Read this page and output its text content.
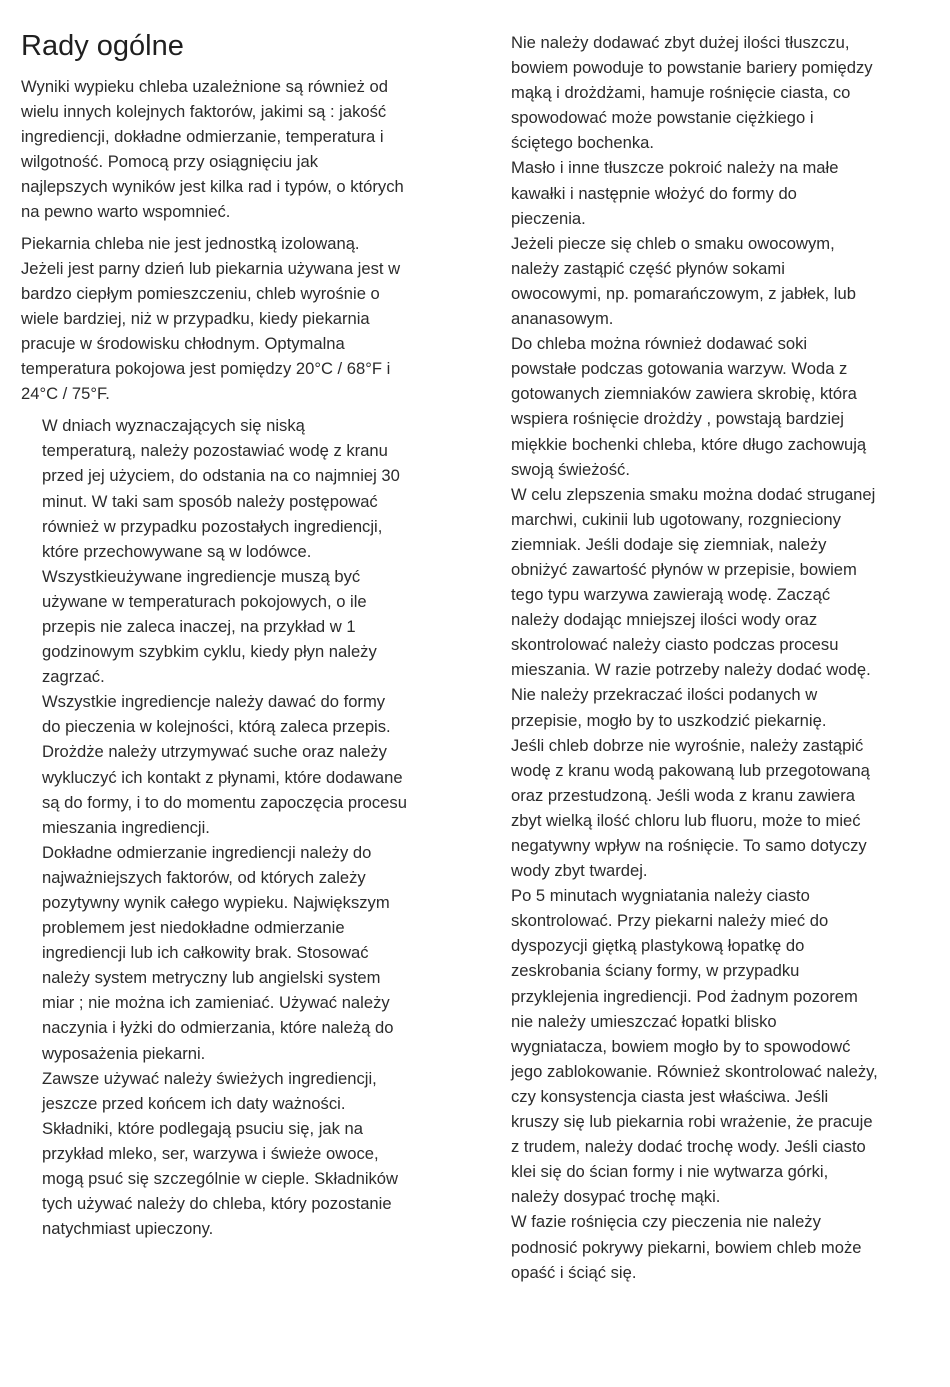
Rady ogólne

Wyniki wypieku chleba uzależnione są również od
wielu innych kolejnych faktorów, jakimi są : jakość
ingrediencji, dokładne odmierzanie, temperatura i
wilgotność. Pomocą przy osiągnięciu jak
najlepszych wyników jest kilka rad i typów, o których
na pewno warto wspomnieć.

Piekarnia chleba nie jest jednostką izolowaną.
Jeżeli jest parny dzień lub piekarnia używana jest w
bardzo ciepłym pomieszczeniu, chleb wyrośnie o
wiele bardziej, niż w przypadku, kiedy piekarnia
pracuje w środowisku chłodnym. Optymalna
temperatura pokojowa jest pomiędzy 20°C / 68°F i
24°C / 75°F.

W dniach wyznaczających się niską
temperaturą, należy pozostawiać wodę z kranu
przed jej użyciem, do odstania na co najmniej 30
minut. W taki sam sposób należy postępować
również w przypadku pozostałych ingrediencji,
które przechowywane są w lodówce.

Wszystkieużywane ingrediencje muszą być
używane w temperaturach pokojowych, o ile
przepis nie zaleca inaczej, na przykład w 1
godzinowym szybkim cyklu, kiedy płyn należy
zagrzać.

Wszystkie ingrediencje należy dawać do formy
do pieczenia w kolejności, którą zaleca przepis.
Drożdże należy utrzymywać suche oraz należy
wykluczyć ich kontakt z płynami, które dodawane
są do formy, i to do momentu zapoczęcia procesu
mieszania ingrediencji.

Dokładne odmierzanie ingrediencji należy do
najważniejszych faktorów, od których zależy
pozytywny wynik całego wypieku. Największym
problemem jest niedokładne odmierzanie
ingrediencji lub ich całkowity brak. Stosować
należy system metryczny lub angielski system
miar ; nie można ich zamieniać. Używać należy
naczynia i łyżki do odmierzania, które należą do
wyposażenia piekarni.

Zawsze używać należy świeżych ingrediencji,
jeszcze przed końcem ich daty ważności.
Składniki, które podlegają psuciu się, jak na
przykład mleko, ser, warzywa i świeże owoce,
mogą psuć się szczególnie w cieple. Składników
tych używać należy do chleba, który pozostanie
natychmiast upieczony.

Nie należy dodawać zbyt dużej ilości tłuszczu,
bowiem powoduje to powstanie bariery pomiędzy
mąką i drożdżami, hamuje rośnięcie ciasta, co
spowodować może powstanie ciężkiego i
ściętego bochenka.

Masło i inne tłuszcze pokroić należy na małe
kawałki i następnie włożyć do formy do
pieczenia.

Jeżeli piecze się chleb o smaku owocowym,
należy zastąpić część płynów sokami
owocowymi, np. pomarańczowym, z jabłek, lub
ananasowym.

Do chleba można również dodawać soki
powstałe podczas gotowania warzyw. Woda z
gotowanych ziemniaków zawiera skrobię, która
wspiera rośnięcie drożdży , powstają bardziej
miękkie bochenki chleba, które długo zachowują
swoją świeżość.

W celu zlepszenia smaku można dodać struganej
marchwi, cukinii lub ugotowany, rozgnieciony
ziemniak. Jeśli dodaje się ziemniak, należy
obniżyć zawartość płynów w przepisie, bowiem
tego typu warzywa zawierają wodę. Zacząć
należy dodając mniejszej ilości wody oraz
skontrolować należy ciasto podczas procesu
mieszania. W razie potrzeby należy dodać wodę.
Nie należy przekraczać ilości podanych w
przepisie, mogło by to uszkodzić piekarnię.

Jeśli chleb dobrze nie wyrośnie, należy zastąpić
wodę z kranu wodą pakowaną lub przegotowaną
oraz przestudzoną. Jeśli woda z kranu zawiera
zbyt wielką ilość chloru lub fluoru, może to mieć
negatywny wpływ na rośnięcie. To samo dotyczy
wody zbyt twardej.

Po 5 minutach wygniatania należy ciasto
skontrolować. Przy piekarni należy mieć do
dyspozycji giętką plastykową łopatkę do
zeskrobania ściany formy, w przypadku
przyklejenia ingrediencji. Pod żadnym pozorem
nie należy umieszczać łopatki blisko
wygniatacza, bowiem mogło by to spowodowć
jego zablokowanie. Również skontrolować należy,
czy konsystencja ciasta jest właściwa. Jeśli
kruszy się lub piekarnia robi wrażenie, że pracuje
z trudem, należy dodać trochę wody. Jeśli ciasto
klei się do ścian formy i nie wytwarza górki,
należy dosypać trochę mąki.

W fazie rośnięcia czy pieczenia nie należy
podnosić pokrywy piekarni, bowiem chleb może
opaść i ściąć się.
